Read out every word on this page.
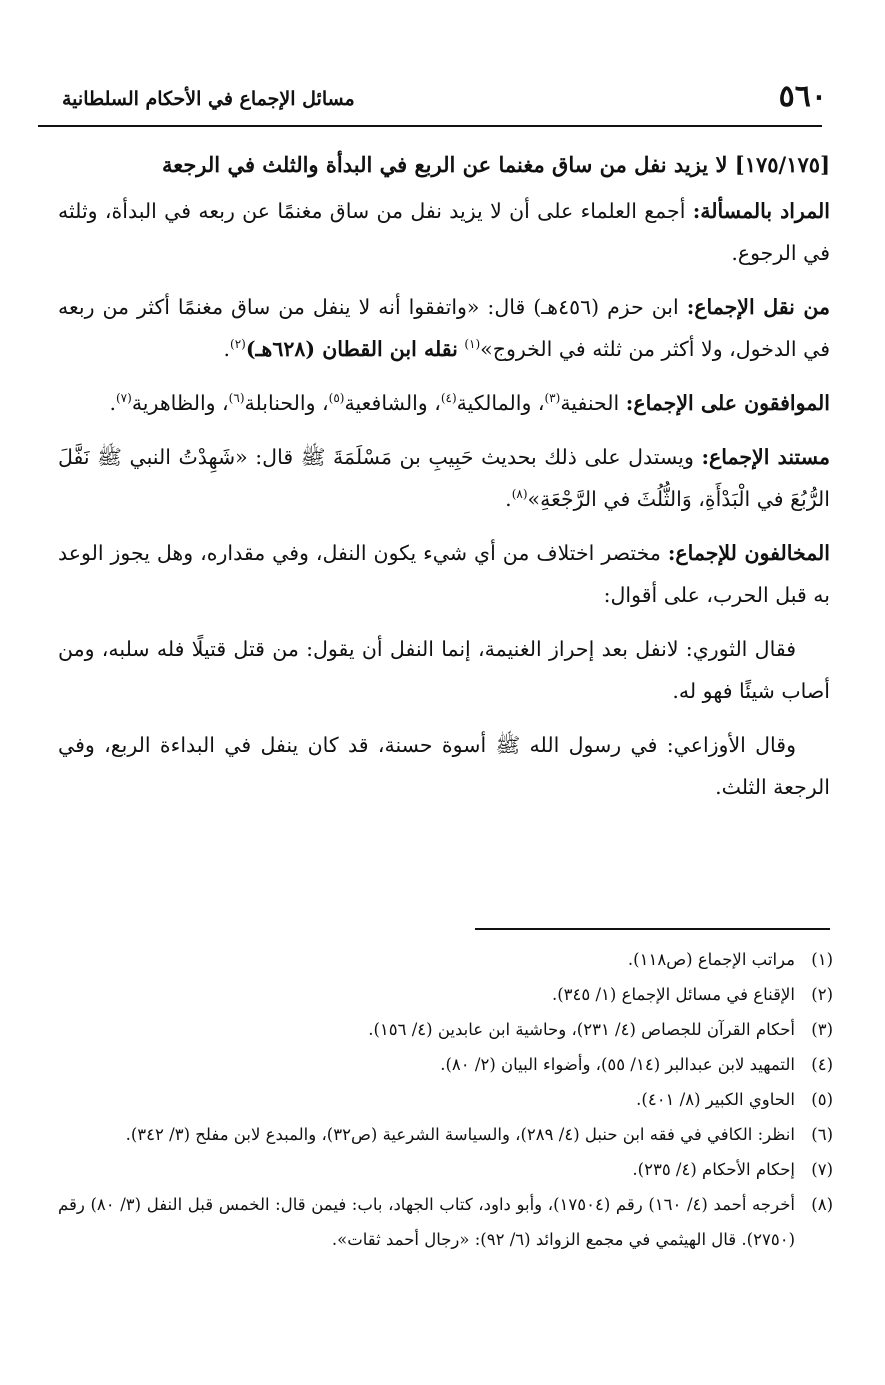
٥٦٠
مسائل الإجماع في الأحكام السلطانية

[١٧٥/١٧٥] لا يزيد نفل من ساق مغنما عن الربع في البدأة والثلث في الرجعة

المراد بالمسألة: أجمع العلماء على أن لا يزيد نفل من ساق مغنمًا عن ربعه في البدأة، وثلثه في الرجوع.

من نقل الإجماع: ابن حزم (٤٥٦هـ) قال: «واتفقوا أنه لا ينفل من ساق مغنمًا أكثر من ربعه في الدخول، ولا أكثر من ثلثه في الخروج»$^{(١)}$ نقله ابن القطان (٦٢٨هـ)$^{(٢)}$.

الموافقون على الإجماع: الحنفية$^{(٣)}$، والمالكية$^{(٤)}$، والشافعية$^{(٥)}$، والحنابلة$^{(٦)}$، والظاهرية$^{(٧)}$.

مستند الإجماع: ويستدل على ذلك بحديث حَبِيبِ بن مَسْلَمَةَ ﷺ قال: «شَهِدْتُ النبي ﷺ نَفَّلَ الرُّبُعَ في الْبَدْأَةِ، وَالثُّلُثَ في الرَّجْعَةِ»$^{(٨)}$.

المخالفون للإجماع: مختصر اختلاف من أي شيء يكون النفل، وفي مقداره، وهل يجوز الوعد به قبل الحرب، على أقوال:

فقال الثوري: لانفل بعد إحراز الغنيمة، إنما النفل أن يقول: من قتل قتيلًا فله سلبه، ومن أصاب شيئًا فهو له.

وقال الأوزاعي: في رسول الله ﷺ أسوة حسنة، قد كان ينفل في البداءة الربع، وفي الرجعة الثلث.

(١)
مراتب الإجماع (ص١١٨).
(٢)
الإقناع في مسائل الإجماع (١/ ٣٤٥).
(٣)
أحكام القرآن للجصاص (٤/ ٢٣١)، وحاشية ابن عابدين (٤/ ١٥٦).
(٤)
التمهيد لابن عبدالبر (١٤/ ٥٥)، وأضواء البيان (٢/ ٨٠).
(٥)
الحاوي الكبير (٨/ ٤٠١).
(٦)
انظر: الكافي في فقه ابن حنبل (٤/ ٢٨٩)، والسياسة الشرعية (ص٣٢)، والمبدع لابن مفلح (٣/ ٣٤٢).
(٧)
إحكام الأحكام (٤/ ٢٣٥).
(٨)
أخرجه أحمد (٤/ ١٦٠) رقم (١٧٥٠٤)، وأبو داود، كتاب الجهاد، باب: فيمن قال: الخمس قبل النفل (٣/ ٨٠) رقم (٢٧٥٠). قال الهيثمي في مجمع الزوائد (٦/ ٩٢): «رجال أحمد ثقات».
